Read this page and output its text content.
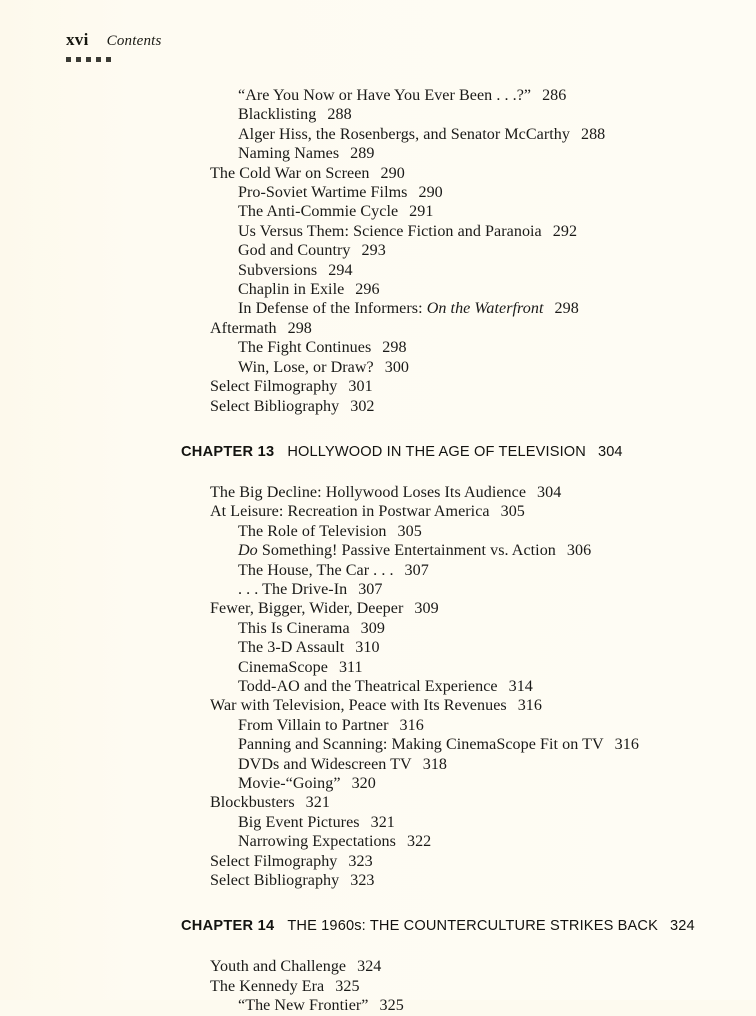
xvi Contents
“Are You Now or Have You Ever Been . . .?” 286
Blacklisting 288
Alger Hiss, the Rosenbergs, and Senator McCarthy 288
Naming Names 289
The Cold War on Screen 290
Pro-Soviet Wartime Films 290
The Anti-Commie Cycle 291
Us Versus Them: Science Fiction and Paranoia 292
God and Country 293
Subversions 294
Chaplin in Exile 296
In Defense of the Informers: On the Waterfront 298
Aftermath 298
The Fight Continues 298
Win, Lose, or Draw? 300
Select Filmography 301
Select Bibliography 302
CHAPTER 13 HOLLYWOOD IN THE AGE OF TELEVISION 304
The Big Decline: Hollywood Loses Its Audience 304
At Leisure: Recreation in Postwar America 305
The Role of Television 305
Do Something! Passive Entertainment vs. Action 306
The House, The Car . . . 307
. . . The Drive-In 307
Fewer, Bigger, Wider, Deeper 309
This Is Cinerama 309
The 3-D Assault 310
CinemaScope 311
Todd-AO and the Theatrical Experience 314
War with Television, Peace with Its Revenues 316
From Villain to Partner 316
Panning and Scanning: Making CinemaScope Fit on TV 316
DVDs and Widescreen TV 318
Movie-“Going” 320
Blockbusters 321
Big Event Pictures 321
Narrowing Expectations 322
Select Filmography 323
Select Bibliography 323
CHAPTER 14 THE 1960s: THE COUNTERCULTURE STRIKES BACK 324
Youth and Challenge 324
The Kennedy Era 325
“The New Frontier” 325
